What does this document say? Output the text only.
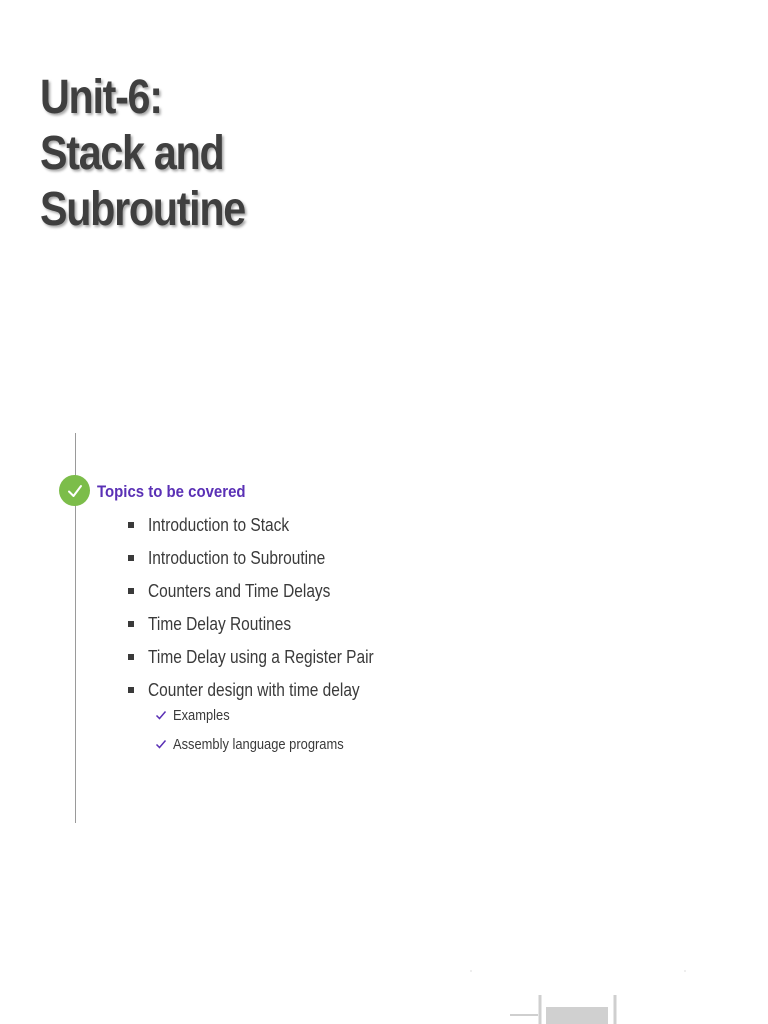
Unit-6:
Stack and
Subroutine
Topics to be covered
Introduction to Stack
Introduction to Subroutine
Counters and Time Delays
Time Delay Routines
Time Delay using a Register Pair
Counter design with time delay
Examples
Assembly language programs
